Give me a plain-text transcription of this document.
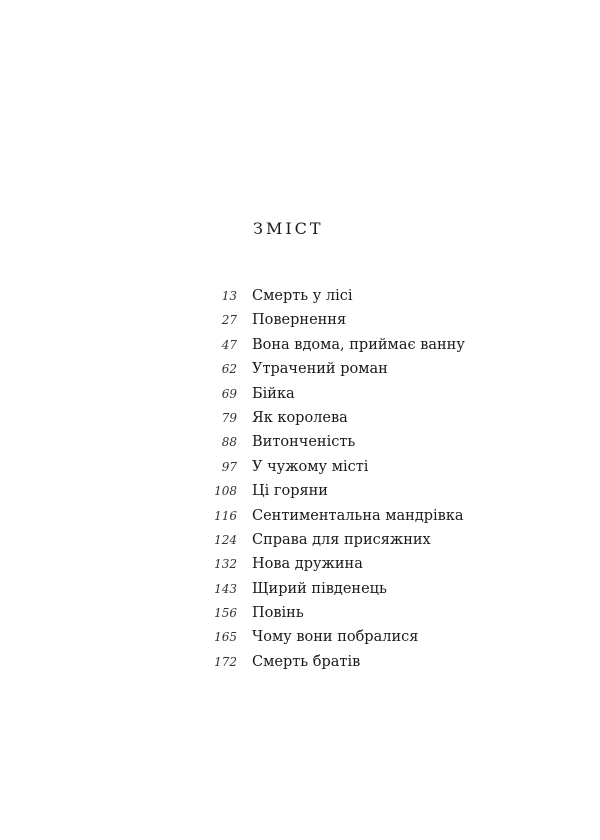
ЗМІСТ
13 Смерть у лісі
27 Повернення
47 Вона вдома, приймає ванну
62 Утрачений роман
69 Бійка
79 Як королева
88 Витонченість
97 У чужому місті
108 Ці горяни
116 Сентиментальна мандрівка
124 Справа для присяжних
132 Нова дружина
143 Щирий південець
156 Повінь
165 Чому вони побралися
172 Смерть братів
